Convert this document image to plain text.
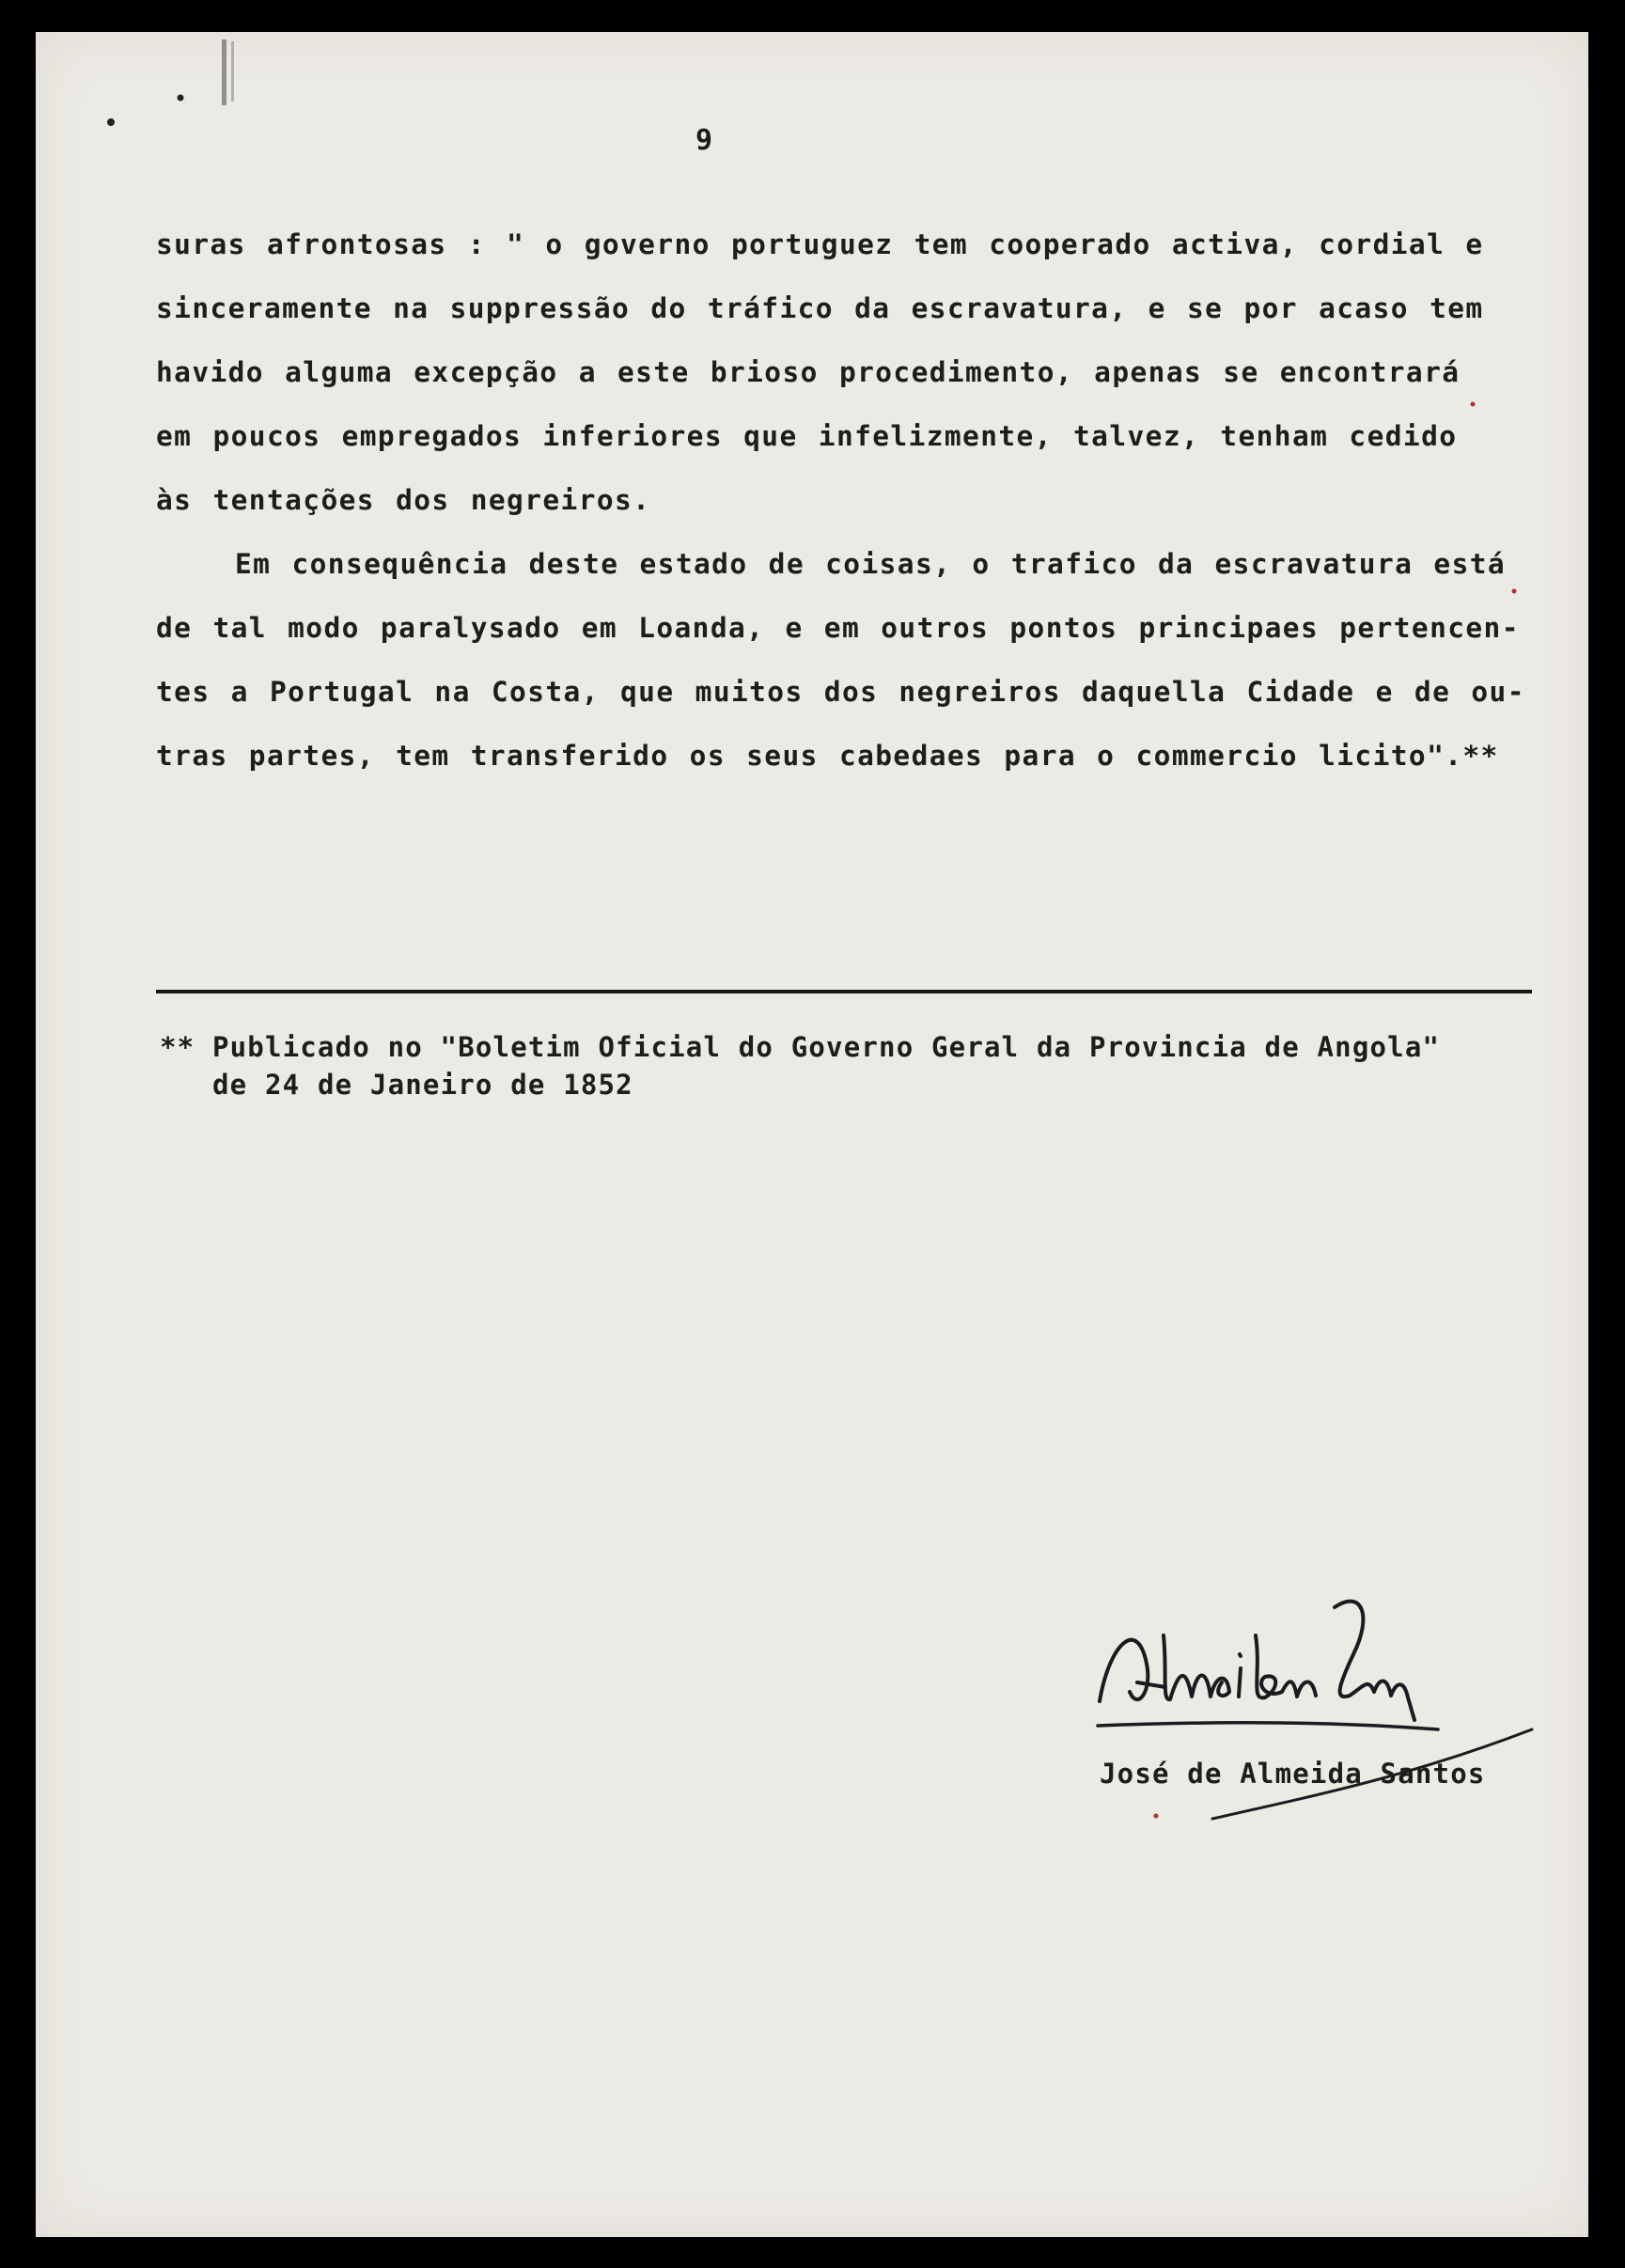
9
suras afrontosas : " o governo portuguez tem cooperado activa, cordial e
sinceramente na suppressão do tráfico da escravatura, e se por acaso tem
havido alguma excepção a este brioso procedimento, apenas se encontrará
em poucos empregados inferiores que infelizmente, talvez, tenham cedido
às tentações dos negreiros.
Em consequência deste estado de coisas, o trafico da escravatura está
de tal modo paralysado em Loanda, e em outros pontos principaes pertencen-
tes a Portugal na Costa, que muitos dos negreiros daquella Cidade e de ou-
tras partes, tem transferido os seus cabedaes para o commercio licito".**
** Publicado no "Boletim Oficial do Governo Geral da Provincia de Angola"
de 24 de Janeiro de 1852
José de Almeida Santos
